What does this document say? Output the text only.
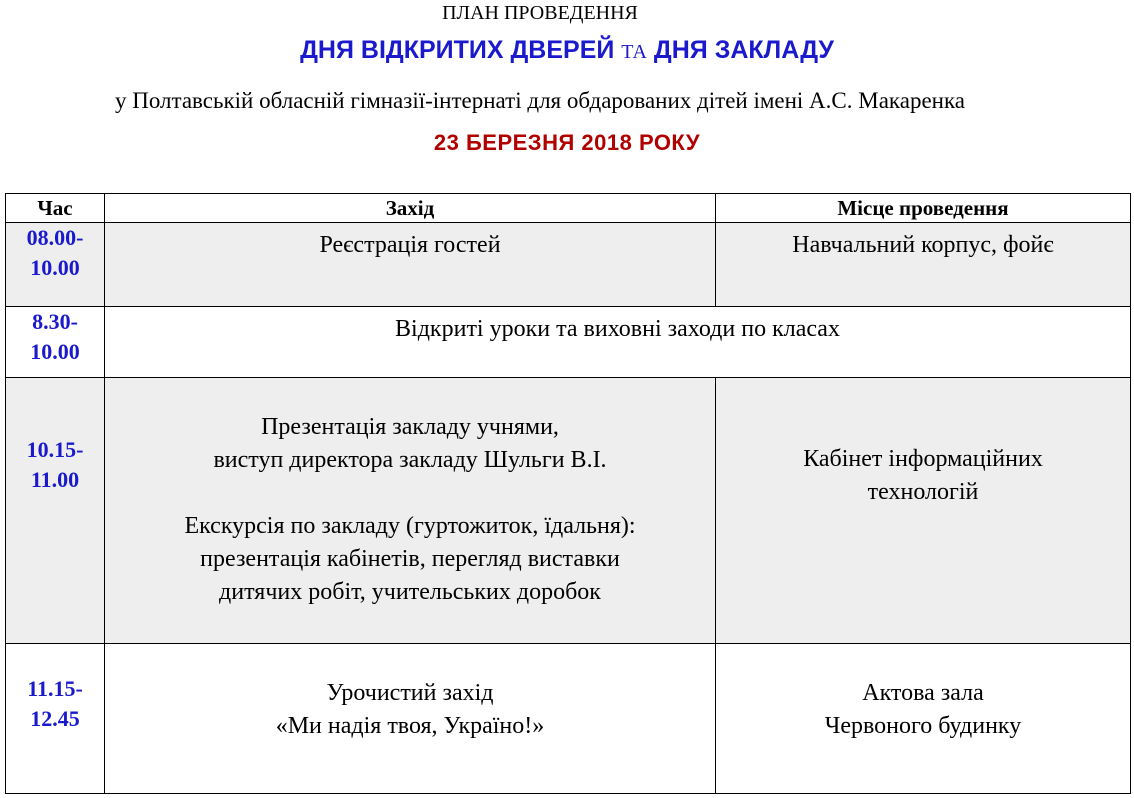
ПЛАН ПРОВЕДЕННЯ
ДНЯ ВІДКРИТИХ ДВЕРЕЙ ТА ДНЯ ЗАКЛАДУ
у Полтавській обласній гімназії-інтернаті для обдарованих дітей імені А.С. Макаренка
23 БЕРЕЗНЯ 2018 РОКУ
Час	Захід	Місце проведення
08.00-
10.00	Реєстрація гостей	Навчальний корпус, фойє
8.30-
10.00	Відкриті уроки та виховні заходи по класах	
10.15-
11.00	Презентація закладу учнями,
виступ директора закладу Шульги В.І.

Екскурсія по закладу (гуртожиток, їдальня):
презентація кабінетів, перегляд виставки
дитячих робіт, учительських доробок	Кабінет інформаційних
технологій
11.15-
12.45	Урочистий захід
«Ми надія твоя, Україно!»	Актова зала
Червоного будинку
